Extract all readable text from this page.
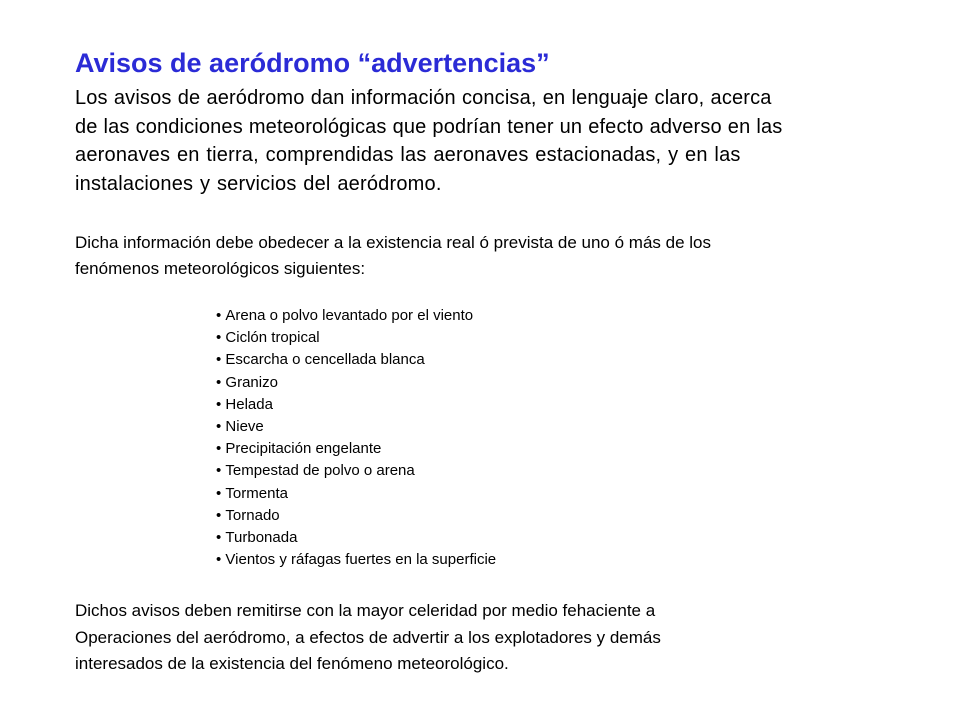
Avisos de aeródromo “advertencias”

Los avisos de aeródromo dan información concisa, en lenguaje claro, acerca
de las condiciones meteorológicas que podrían tener un efecto adverso en las
aeronaves en tierra, comprendidas las aeronaves estacionadas, y en las
instalaciones y servicios del aeródromo.

Dicha información debe obedecer a la existencia real ó prevista de uno ó más de los
fenómenos meteorológicos siguientes:

• Arena o polvo levantado por el viento
• Ciclón tropical
• Escarcha o cencellada blanca
• Granizo
• Helada
• Nieve
• Precipitación engelante
• Tempestad de polvo o arena
• Tormenta
• Tornado
• Turbonada
• Vientos y ráfagas fuertes en la superficie

Dichos avisos deben remitirse con la mayor celeridad por medio fehaciente a
Operaciones del aeródromo, a efectos de advertir a los explotadores y demás
interesados de la existencia del fenómeno meteorológico.
